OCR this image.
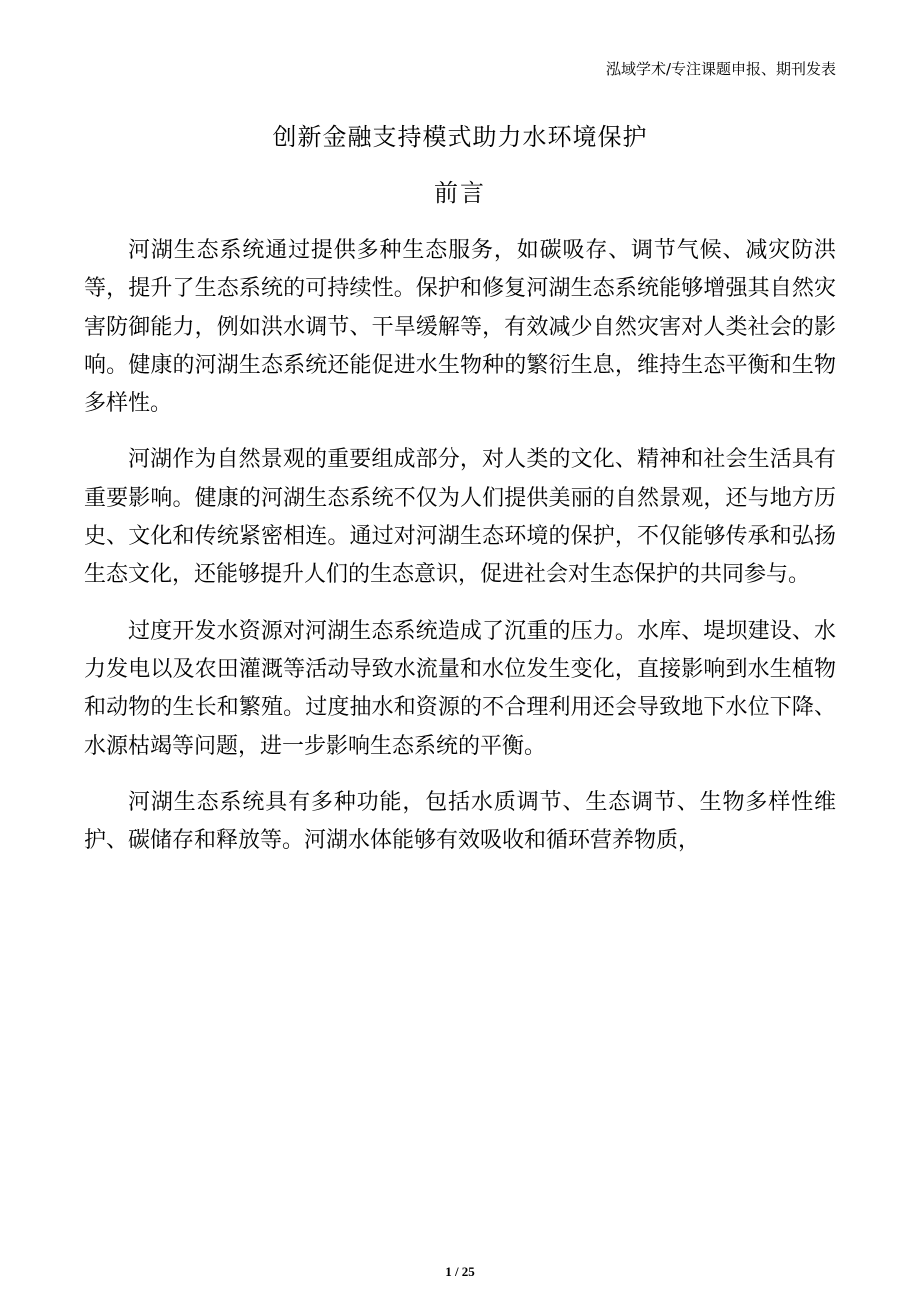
泓域学术/专注课题申报、期刊发表
创新金融支持模式助力水环境保护
前言

河湖生态系统通过提供多种生态服务，如碳吸存、调节气候、减灾防洪等，提升了生态系统的可持续性。保护和修复河湖生态系统能够增强其自然灾害防御能力，例如洪水调节、干旱缓解等，有效减少自然灾害对人类社会的影响。健康的河湖生态系统还能促进水生物种的繁衍生息，维持生态平衡和生物多样性。

河湖作为自然景观的重要组成部分，对人类的文化、精神和社会生活具有重要影响。健康的河湖生态系统不仅为人们提供美丽的自然景观，还与地方历史、文化和传统紧密相连。通过对河湖生态环境的保护，不仅能够传承和弘扬生态文化，还能够提升人们的生态意识，促进社会对生态保护的共同参与。

过度开发水资源对河湖生态系统造成了沉重的压力。水库、堤坝建设、水力发电以及农田灌溉等活动导致水流量和水位发生变化，直接影响到水生植物和动物的生长和繁殖。过度抽水和资源的不合理利用还会导致地下水位下降、水源枯竭等问题，进一步影响生态系统的平衡。

河湖生态系统具有多种功能，包括水质调节、生态调节、生物多样性维护、碳储存和释放等。河湖水体能够有效吸收和循环营养物质，

1 / 25
